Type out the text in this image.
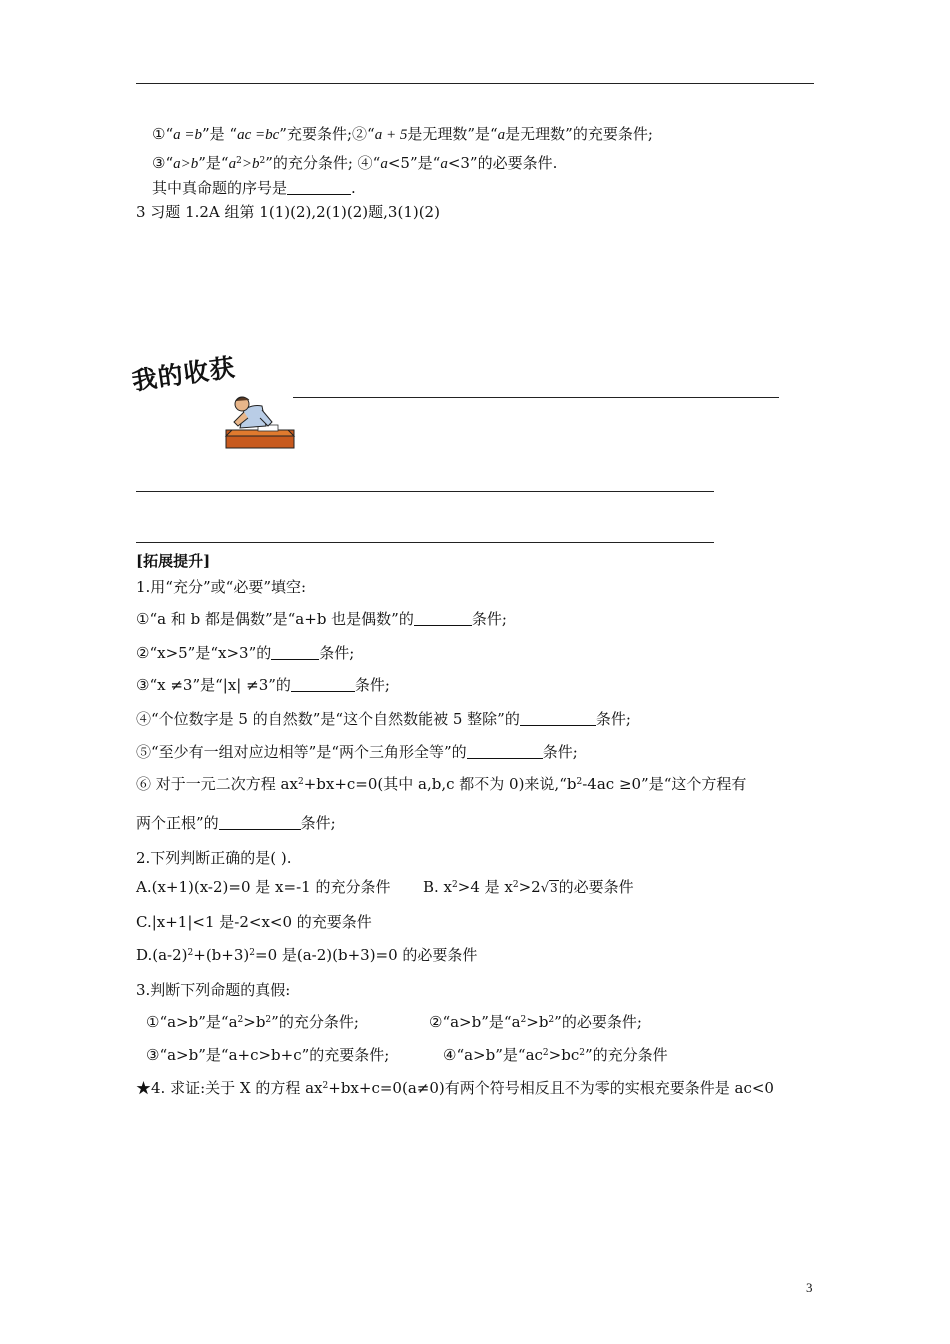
①“a =b”是 “ac =bc”充要条件;②“a + 5是无理数”是“a是无理数”的充要条件;
③“a>b”是“$a^2>b^2$”的充分条件; ④“a<5”是“a<3”的必要条件.
其中真命题的序号是	.
3 习题 1.2A 组第 1(1)(2),2(1)(2)题,3(1)(2)
我的收获
[拓展提升]
1.用“充分”或“必要”填空:
①“a 和 b 都是偶数”是“a+b 也是偶数”的	条件;
②“x>5”是“x>3”的	条件;
③“x ≠3”是“|x| ≠3”的	条件;
④“个位数字是 5 的自然数”是“这个自然数能被 5 整除”的	条件;
⑤“至少有一组对应边相等”是“两个三角形全等”的	条件;
⑥ 对于一元二次方程 $ax^2+bx+c=0$(其中 a,b,c 都不为 0)来说$,“b^2-4ac \ge 0$”是“这个方程有
两个正根”的	条件;
2.下列判断正确的是( ).
A.(x+1)(x-2)=0 是 x=-1 的充分条件 B. $x^2>4$ 是 $x^2>2√3$的必要条件
C.|x+1|<1 是-2<x<0 的充要条件
$D.(a-2)^2+(b+3)^2=0$ 是(a-2)(b+3)=0 的必要条件
3.判断下列命题的真假:
①“a>b”是“$a^2>b^2$”的充分条件;	②“a>b”是“$a^2>b^2$”的必要条件;
③“a>b”是“a+c>b+c”的充要条件;	④“a>b”是“$ac^2>bc^2$”的充分条件
★4. 求证:关于 X 的方程 $ax^2+bx+c=0(a\ne 0)$有两个符号相反且不为零的实根充要条件是 ac<0
3
